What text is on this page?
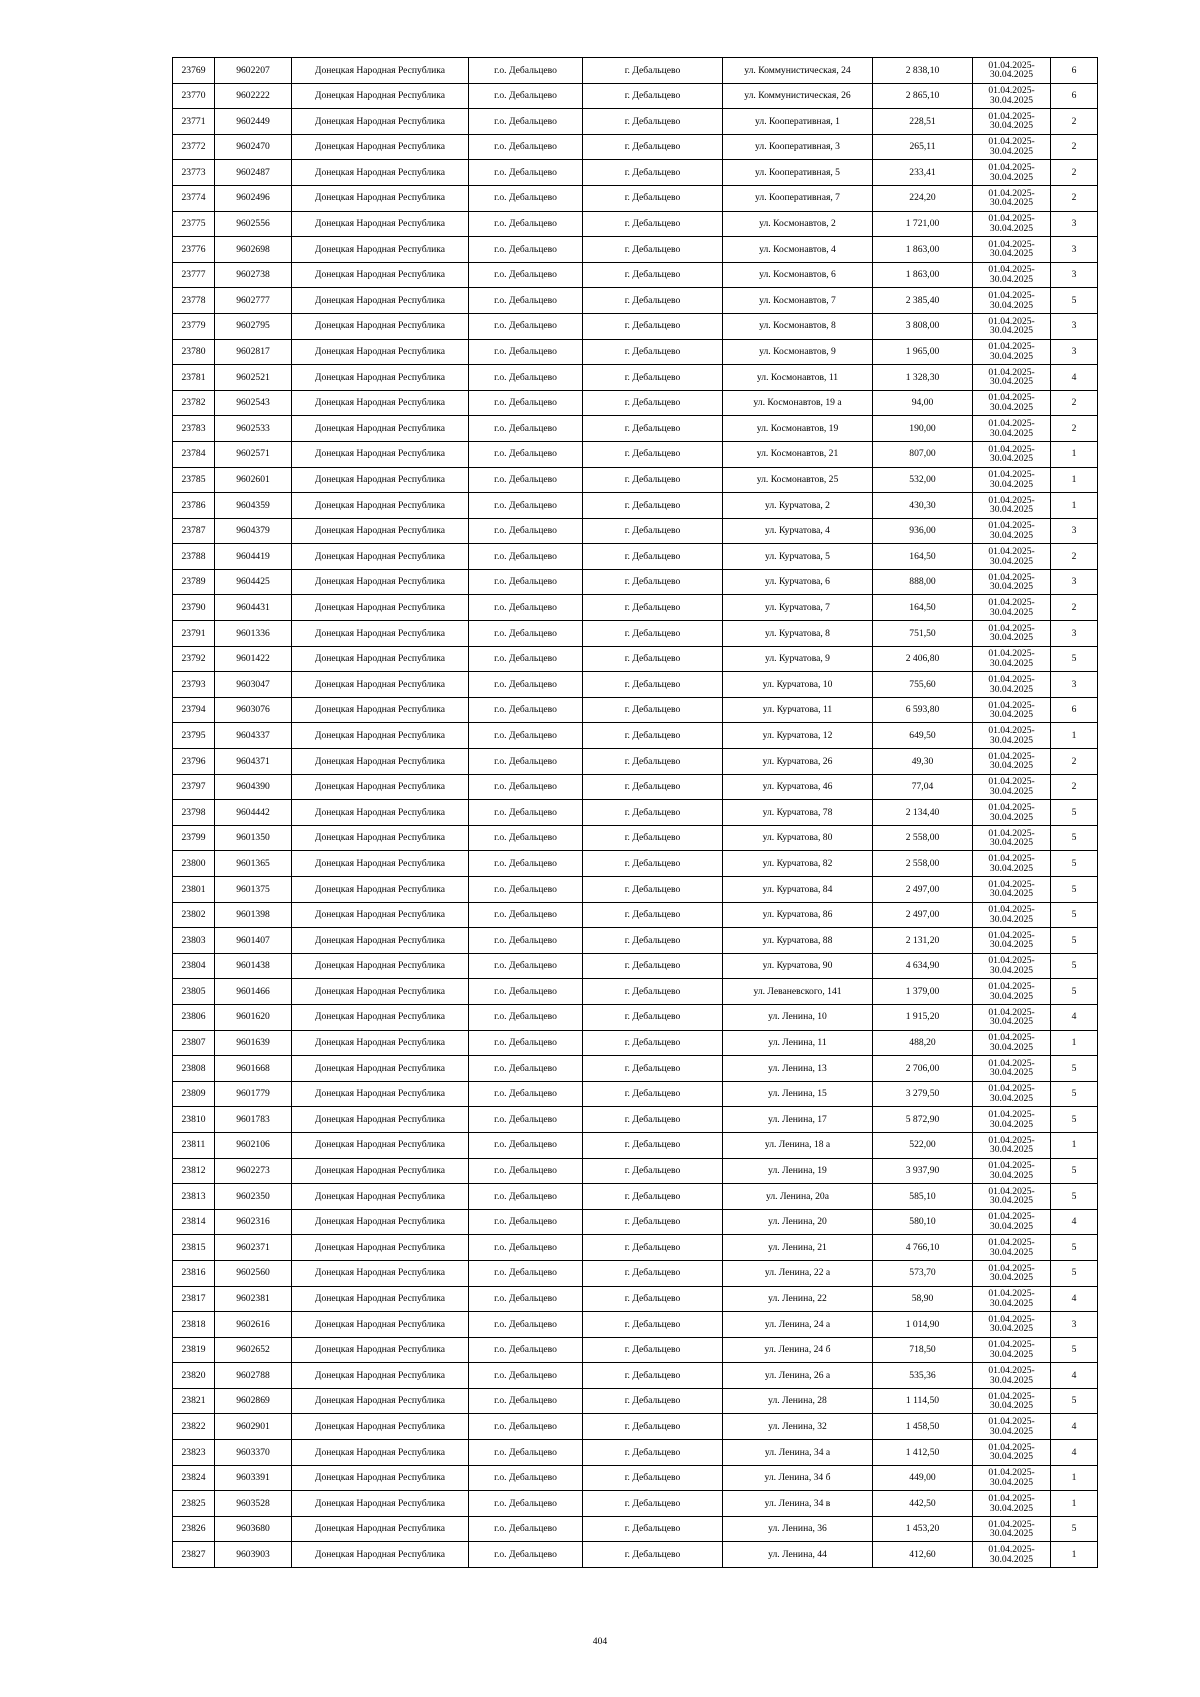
23769	9602207	Донецкая Народная Республика	г.о. Дебальцево	г. Дебальцево	ул. Коммунистическая, 24	2 838,10	01.04.2025-
30.04.2025	6
23770	9602222	Донецкая Народная Республика	г.о. Дебальцево	г. Дебальцево	ул. Коммунистическая, 26	2 865,10	01.04.2025-
30.04.2025	6
23771	9602449	Донецкая Народная Республика	г.о. Дебальцево	г. Дебальцево	ул. Кооперативная, 1	228,51	01.04.2025-
30.04.2025	2
23772	9602470	Донецкая Народная Республика	г.о. Дебальцево	г. Дебальцево	ул. Кооперативная, 3	265,11	01.04.2025-
30.04.2025	2
23773	9602487	Донецкая Народная Республика	г.о. Дебальцево	г. Дебальцево	ул. Кооперативная, 5	233,41	01.04.2025-
30.04.2025	2
23774	9602496	Донецкая Народная Республика	г.о. Дебальцево	г. Дебальцево	ул. Кооперативная, 7	224,20	01.04.2025-
30.04.2025	2
23775	9602556	Донецкая Народная Республика	г.о. Дебальцево	г. Дебальцево	ул. Космонавтов, 2	1 721,00	01.04.2025-
30.04.2025	3
23776	9602698	Донецкая Народная Республика	г.о. Дебальцево	г. Дебальцево	ул. Космонавтов, 4	1 863,00	01.04.2025-
30.04.2025	3
23777	9602738	Донецкая Народная Республика	г.о. Дебальцево	г. Дебальцево	ул. Космонавтов, 6	1 863,00	01.04.2025-
30.04.2025	3
23778	9602777	Донецкая Народная Республика	г.о. Дебальцево	г. Дебальцево	ул. Космонавтов, 7	2 385,40	01.04.2025-
30.04.2025	5
23779	9602795	Донецкая Народная Республика	г.о. Дебальцево	г. Дебальцево	ул. Космонавтов, 8	3 808,00	01.04.2025-
30.04.2025	3
23780	9602817	Донецкая Народная Республика	г.о. Дебальцево	г. Дебальцево	ул. Космонавтов, 9	1 965,00	01.04.2025-
30.04.2025	3
23781	9602521	Донецкая Народная Республика	г.о. Дебальцево	г. Дебальцево	ул. Космонавтов, 11	1 328,30	01.04.2025-
30.04.2025	4
23782	9602543	Донецкая Народная Республика	г.о. Дебальцево	г. Дебальцево	ул. Космонавтов, 19 а	94,00	01.04.2025-
30.04.2025	2
23783	9602533	Донецкая Народная Республика	г.о. Дебальцево	г. Дебальцево	ул. Космонавтов, 19	190,00	01.04.2025-
30.04.2025	2
23784	9602571	Донецкая Народная Республика	г.о. Дебальцево	г. Дебальцево	ул. Космонавтов, 21	807,00	01.04.2025-
30.04.2025	1
23785	9602601	Донецкая Народная Республика	г.о. Дебальцево	г. Дебальцево	ул. Космонавтов, 25	532,00	01.04.2025-
30.04.2025	1
23786	9604359	Донецкая Народная Республика	г.о. Дебальцево	г. Дебальцево	ул. Курчатова, 2	430,30	01.04.2025-
30.04.2025	1
23787	9604379	Донецкая Народная Республика	г.о. Дебальцево	г. Дебальцево	ул. Курчатова, 4	936,00	01.04.2025-
30.04.2025	3
23788	9604419	Донецкая Народная Республика	г.о. Дебальцево	г. Дебальцево	ул. Курчатова, 5	164,50	01.04.2025-
30.04.2025	2
23789	9604425	Донецкая Народная Республика	г.о. Дебальцево	г. Дебальцево	ул. Курчатова, 6	888,00	01.04.2025-
30.04.2025	3
23790	9604431	Донецкая Народная Республика	г.о. Дебальцево	г. Дебальцево	ул. Курчатова, 7	164,50	01.04.2025-
30.04.2025	2
23791	9601336	Донецкая Народная Республика	г.о. Дебальцево	г. Дебальцево	ул. Курчатова, 8	751,50	01.04.2025-
30.04.2025	3
23792	9601422	Донецкая Народная Республика	г.о. Дебальцево	г. Дебальцево	ул. Курчатова, 9	2 406,80	01.04.2025-
30.04.2025	5
23793	9603047	Донецкая Народная Республика	г.о. Дебальцево	г. Дебальцево	ул. Курчатова, 10	755,60	01.04.2025-
30.04.2025	3
23794	9603076	Донецкая Народная Республика	г.о. Дебальцево	г. Дебальцево	ул. Курчатова, 11	6 593,80	01.04.2025-
30.04.2025	6
23795	9604337	Донецкая Народная Республика	г.о. Дебальцево	г. Дебальцево	ул. Курчатова, 12	649,50	01.04.2025-
30.04.2025	1
23796	9604371	Донецкая Народная Республика	г.о. Дебальцево	г. Дебальцево	ул. Курчатова, 26	49,30	01.04.2025-
30.04.2025	2
23797	9604390	Донецкая Народная Республика	г.о. Дебальцево	г. Дебальцево	ул. Курчатова, 46	77,04	01.04.2025-
30.04.2025	2
23798	9604442	Донецкая Народная Республика	г.о. Дебальцево	г. Дебальцево	ул. Курчатова, 78	2 134,40	01.04.2025-
30.04.2025	5
23799	9601350	Донецкая Народная Республика	г.о. Дебальцево	г. Дебальцево	ул. Курчатова, 80	2 558,00	01.04.2025-
30.04.2025	5
23800	9601365	Донецкая Народная Республика	г.о. Дебальцево	г. Дебальцево	ул. Курчатова, 82	2 558,00	01.04.2025-
30.04.2025	5
23801	9601375	Донецкая Народная Республика	г.о. Дебальцево	г. Дебальцево	ул. Курчатова, 84	2 497,00	01.04.2025-
30.04.2025	5
23802	9601398	Донецкая Народная Республика	г.о. Дебальцево	г. Дебальцево	ул. Курчатова, 86	2 497,00	01.04.2025-
30.04.2025	5
23803	9601407	Донецкая Народная Республика	г.о. Дебальцево	г. Дебальцево	ул. Курчатова, 88	2 131,20	01.04.2025-
30.04.2025	5
23804	9601438	Донецкая Народная Республика	г.о. Дебальцево	г. Дебальцево	ул. Курчатова, 90	4 634,90	01.04.2025-
30.04.2025	5
23805	9601466	Донецкая Народная Республика	г.о. Дебальцево	г. Дебальцево	ул. Леваневского, 141	1 379,00	01.04.2025-
30.04.2025	5
23806	9601620	Донецкая Народная Республика	г.о. Дебальцево	г. Дебальцево	ул. Ленина, 10	1 915,20	01.04.2025-
30.04.2025	4
23807	9601639	Донецкая Народная Республика	г.о. Дебальцево	г. Дебальцево	ул. Ленина, 11	488,20	01.04.2025-
30.04.2025	1
23808	9601668	Донецкая Народная Республика	г.о. Дебальцево	г. Дебальцево	ул. Ленина, 13	2 706,00	01.04.2025-
30.04.2025	5
23809	9601779	Донецкая Народная Республика	г.о. Дебальцево	г. Дебальцево	ул. Ленина, 15	3 279,50	01.04.2025-
30.04.2025	5
23810	9601783	Донецкая Народная Республика	г.о. Дебальцево	г. Дебальцево	ул. Ленина, 17	5 872,90	01.04.2025-
30.04.2025	5
23811	9602106	Донецкая Народная Республика	г.о. Дебальцево	г. Дебальцево	ул. Ленина, 18 а	522,00	01.04.2025-
30.04.2025	1
23812	9602273	Донецкая Народная Республика	г.о. Дебальцево	г. Дебальцево	ул. Ленина, 19	3 937,90	01.04.2025-
30.04.2025	5
23813	9602350	Донецкая Народная Республика	г.о. Дебальцево	г. Дебальцево	ул. Ленина, 20а	585,10	01.04.2025-
30.04.2025	5
23814	9602316	Донецкая Народная Республика	г.о. Дебальцево	г. Дебальцево	ул. Ленина, 20	580,10	01.04.2025-
30.04.2025	4
23815	9602371	Донецкая Народная Республика	г.о. Дебальцево	г. Дебальцево	ул. Ленина, 21	4 766,10	01.04.2025-
30.04.2025	5
23816	9602560	Донецкая Народная Республика	г.о. Дебальцево	г. Дебальцево	ул. Ленина, 22 а	573,70	01.04.2025-
30.04.2025	5
23817	9602381	Донецкая Народная Республика	г.о. Дебальцево	г. Дебальцево	ул. Ленина, 22	58,90	01.04.2025-
30.04.2025	4
23818	9602616	Донецкая Народная Республика	г.о. Дебальцево	г. Дебальцево	ул. Ленина, 24 а	1 014,90	01.04.2025-
30.04.2025	3
23819	9602652	Донецкая Народная Республика	г.о. Дебальцево	г. Дебальцево	ул. Ленина, 24 б	718,50	01.04.2025-
30.04.2025	5
23820	9602788	Донецкая Народная Республика	г.о. Дебальцево	г. Дебальцево	ул. Ленина, 26 а	535,36	01.04.2025-
30.04.2025	4
23821	9602869	Донецкая Народная Республика	г.о. Дебальцево	г. Дебальцево	ул. Ленина, 28	1 114,50	01.04.2025-
30.04.2025	5
23822	9602901	Донецкая Народная Республика	г.о. Дебальцево	г. Дебальцево	ул. Ленина, 32	1 458,50	01.04.2025-
30.04.2025	4
23823	9603370	Донецкая Народная Республика	г.о. Дебальцево	г. Дебальцево	ул. Ленина, 34 а	1 412,50	01.04.2025-
30.04.2025	4
23824	9603391	Донецкая Народная Республика	г.о. Дебальцево	г. Дебальцево	ул. Ленина, 34 б	449,00	01.04.2025-
30.04.2025	1
23825	9603528	Донецкая Народная Республика	г.о. Дебальцево	г. Дебальцево	ул. Ленина, 34 в	442,50	01.04.2025-
30.04.2025	1
23826	9603680	Донецкая Народная Республика	г.о. Дебальцево	г. Дебальцево	ул. Ленина, 36	1 453,20	01.04.2025-
30.04.2025	5
23827	9603903	Донецкая Народная Республика	г.о. Дебальцево	г. Дебальцево	ул. Ленина, 44	412,60	01.04.2025-
30.04.2025	1
404
